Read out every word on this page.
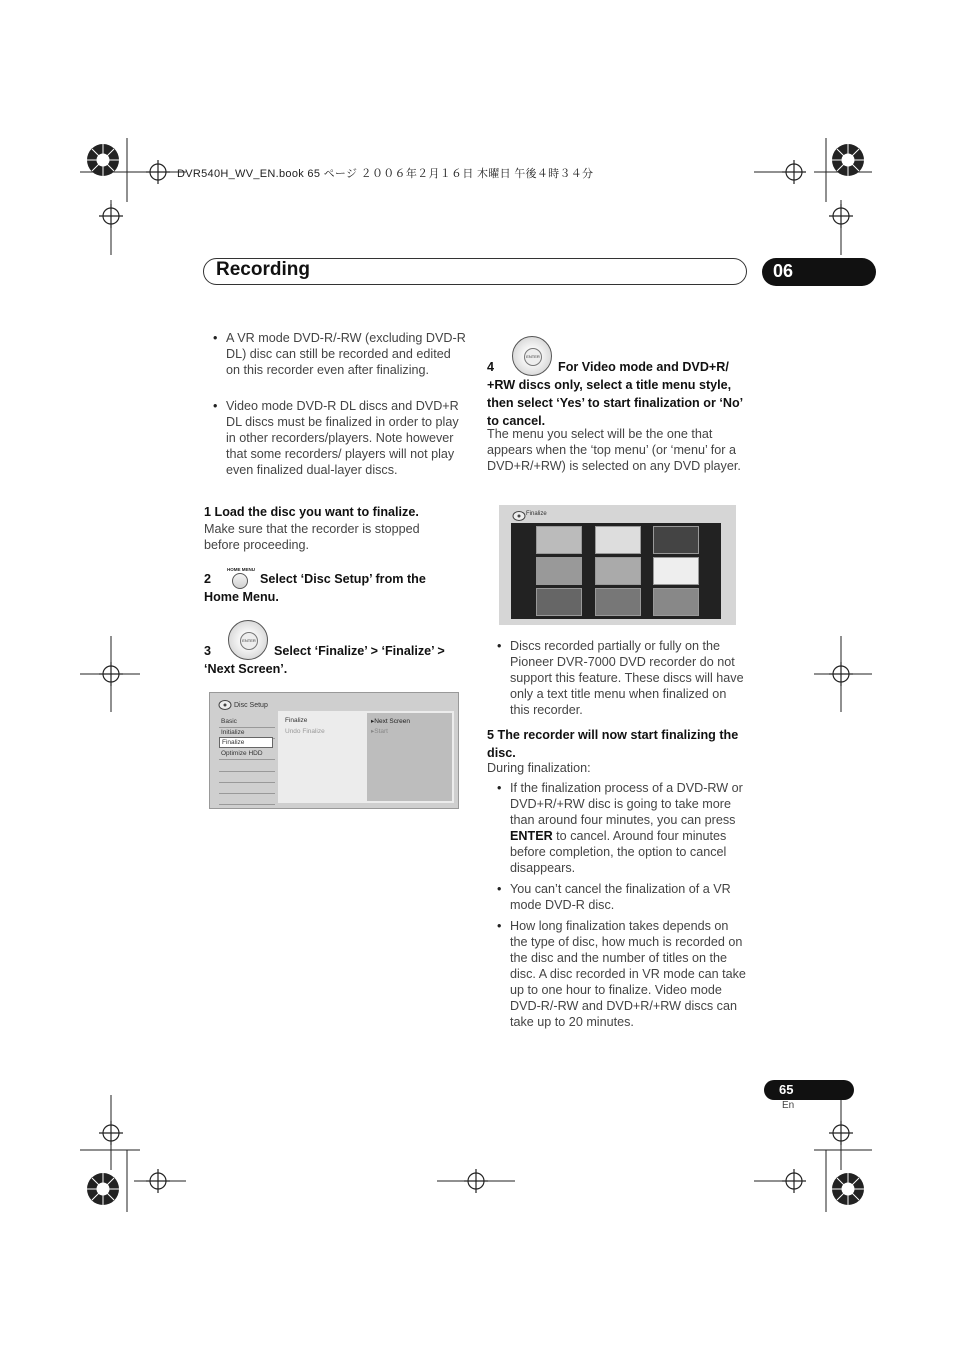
DVR540H_WV_EN.book 65 ページ ２００６年２月１６日 木曜日 午後４時３４分
Recording	06
• A VR mode DVD-R/-RW (excluding DVD-R DL) disc can still be recorded and edited on this recorder even after finalizing.
• Video mode DVD-R DL discs and DVD+R DL discs must be finalized in order to play in other recorders/players. Note however that some recorders/ players will not play even finalized dual-layer discs.
1 Load the disc you want to finalize.
Make sure that the recorder is stopped before proceeding.
2
HOME MENU
Select ‘Disc Setup’ from the Home Menu.
ENTER
3	Select ‘Finalize’ > ‘Finalize’ > ‘Next Screen’.
Disc Setup
Basic
Initialize
Finalize
Optimize HDD
Finalize
Undo Finalize
▸Next Screen
▸Start
ENTER
4	For Video mode and DVD+R/ +RW discs only, select a title menu style, then select ‘Yes’ to start finalization or ‘No’ to cancel.
The menu you select will be the one that appears when the ‘top menu’ (or ‘menu’ for a DVD+R/+RW) is selected on any DVD player.
Finalize
• Discs recorded partially or fully on the Pioneer DVR-7000 DVD recorder do not support this feature. These discs will have only a text title menu when finalized on this recorder.
5 The recorder will now start finalizing the disc.
During finalization:
• If the finalization process of a DVD-RW or DVD+R/+RW disc is going to take more than around four minutes, you can press ENTER to cancel. Around four minutes before completion, the option to cancel disappears.
• You can’t cancel the finalization of a VR mode DVD-R disc.
• How long finalization takes depends on the type of disc, how much is recorded on the disc and the number of titles on the disc. A disc recorded in VR mode can take up to one hour to finalize. Video mode DVD-R/-RW and DVD+R/+RW discs can take up to 20 minutes.
65
En
